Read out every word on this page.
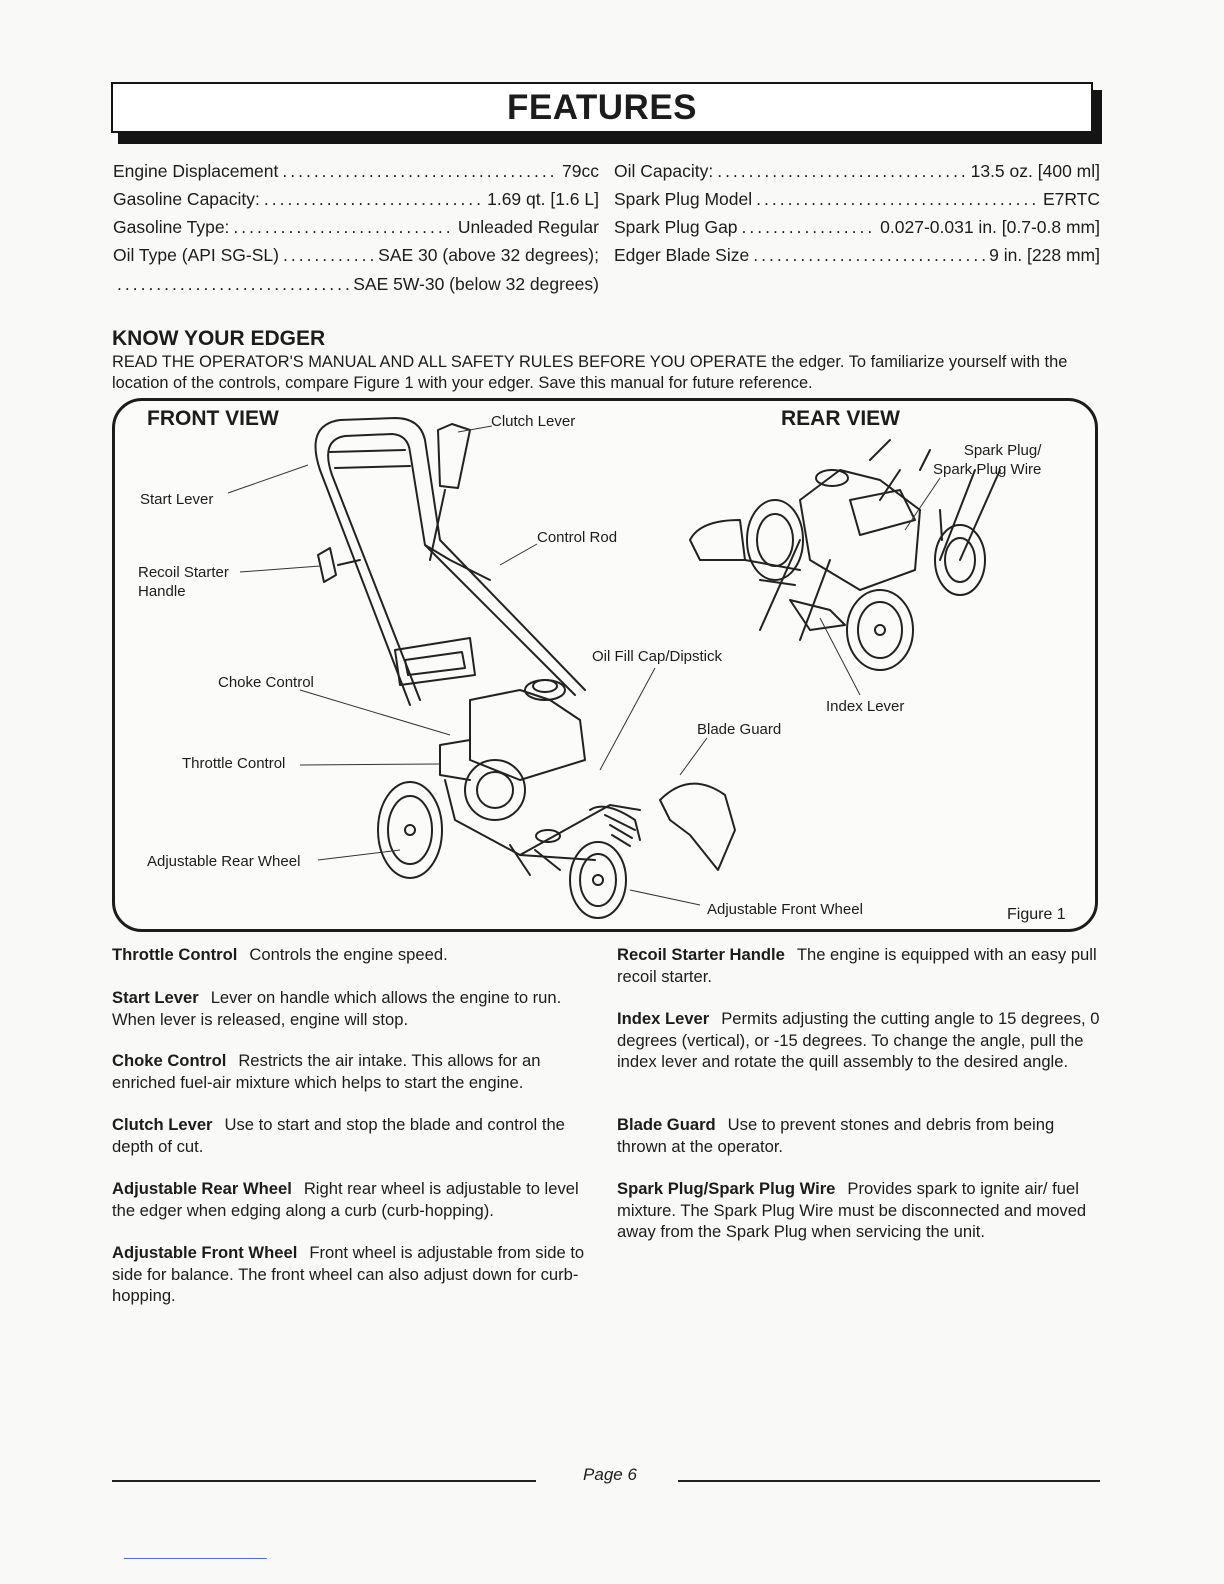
FEATURES
Engine Displacement .....	79cc
Gasoline Capacity: .....	1.69 qt. [1.6 L]
Gasoline Type: .....	Unleaded Regular
Oil Type (API SG-SL) .....	SAE 30 (above 32 degrees);
.....
SAE 5W-30 (below 32 degrees)
Oil Capacity: .....	13.5 oz. [400 ml]
Spark Plug Model .....	E7RTC
Spark Plug Gap .....	0.027-0.031 in. [0.7-0.8 mm]
Edger Blade Size .....	9 in. [228 mm]
KNOW YOUR EDGER
READ THE OPERATOR'S MANUAL AND ALL SAFETY RULES BEFORE YOU OPERATE the edger. To familiarize yourself with the location of the controls, compare Figure 1 with your edger. Save this manual for future reference.
FRONT VIEW	REAR VIEW
Clutch Lever
Start Lever
Recoil Starter
Handle
Control Rod
Choke Control
Oil Fill Cap/Dipstick
Throttle Control
Blade Guard
Adjustable Rear Wheel
Adjustable Front Wheel
Spark Plug/
Spark Plug Wire
Index Lever
Figure 1
Throttle Control Controls the engine speed.
Start Lever Lever on handle which allows the engine to run. When lever is released, engine will stop.
Choke Control Restricts the air intake. This allows for an enriched fuel-air mixture which helps to start the engine.
Clutch Lever Use to start and stop the blade and control the depth of cut.
Adjustable Rear Wheel Right rear wheel is adjustable to level the edger when edging along a curb (curb-hopping).
Adjustable Front Wheel Front wheel is adjustable from side to side for balance. The front wheel can also adjust down for curb-hopping.
Recoil Starter Handle The engine is equipped with an easy pull recoil starter.
Index Lever Permits adjusting the cutting angle to 15 degrees, 0 degrees (vertical), or -15 degrees. To change the angle, pull the index lever and rotate the quill assembly to the desired angle.
Blade Guard Use to prevent stones and debris from being thrown at the operator.
Spark Plug/Spark Plug Wire Provides spark to ignite air/ fuel mixture. The Spark Plug Wire must be disconnected and moved away from the Spark Plug when servicing the unit.
Page 6
